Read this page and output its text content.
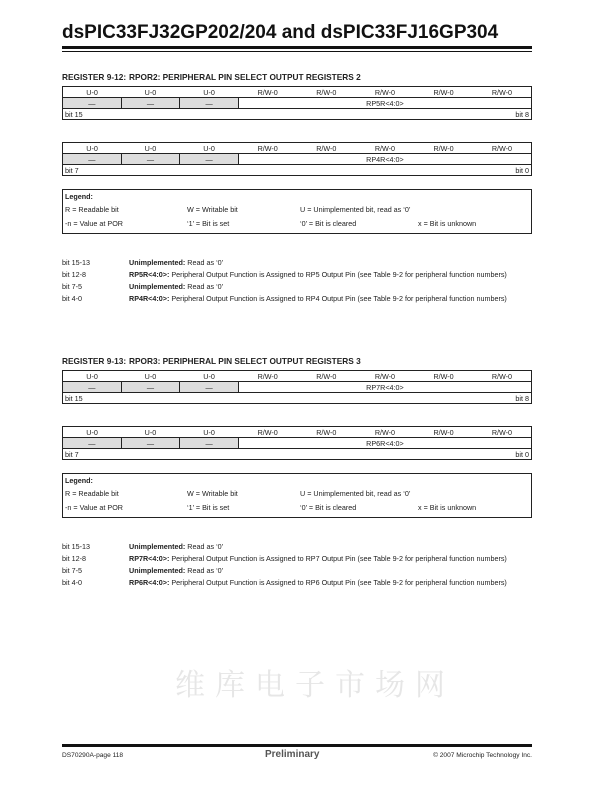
dsPIC33FJ32GP202/204 and dsPIC33FJ16GP304
维库电子市场网
REGISTER 9-12: RPOR2: PERIPHERAL PIN SELECT OUTPUT REGISTERS 2
U-0	U-0	U-0	R/W-0	R/W-0	R/W-0	R/W-0	R/W-0
—	—	—	RP5R<4:0>				
bit 15 bit 8							
U-0	U-0	U-0	R/W-0	R/W-0	R/W-0	R/W-0	R/W-0
—	—	—	RP4R<4:0>				
bit 7 bit 0							
Legend:
R = Readable bit	W = Writable bit	U = Unimplemented bit, read as ‘0’
-n = Value at POR	‘1’ = Bit is set	‘0’ = Bit is cleared	x = Bit is unknown
bit 15-13	Unimplemented: Read as ‘0’
bit 12-8	RP5R<4:0>: Peripheral Output Function is Assigned to RP5 Output Pin (see Table 9-2 for peripheral function numbers)
bit 7-5	Unimplemented: Read as ‘0’
bit 4-0	RP4R<4:0>: Peripheral Output Function is Assigned to RP4 Output Pin (see Table 9-2 for peripheral function numbers)
REGISTER 9-13: RPOR3: PERIPHERAL PIN SELECT OUTPUT REGISTERS 3
U-0	U-0	U-0	R/W-0	R/W-0	R/W-0	R/W-0	R/W-0
—	—	—	RP7R<4:0>				
bit 15 bit 8							
U-0	U-0	U-0	R/W-0	R/W-0	R/W-0	R/W-0	R/W-0
—	—	—	RP6R<4:0>				
bit 7 bit 0							
Legend:
R = Readable bit	W = Writable bit	U = Unimplemented bit, read as ‘0’
-n = Value at POR	‘1’ = Bit is set	‘0’ = Bit is cleared	x = Bit is unknown
bit 15-13	Unimplemented: Read as ‘0’
bit 12-8	RP7R<4:0>: Peripheral Output Function is Assigned to RP7 Output Pin (see Table 9-2 for peripheral function numbers)
bit 7-5	Unimplemented: Read as ‘0’
bit 4-0	RP6R<4:0>: Peripheral Output Function is Assigned to RP6 Output Pin (see Table 9-2 for peripheral function numbers)
DS70290A-page 118	Preliminary	© 2007 Microchip Technology Inc.
